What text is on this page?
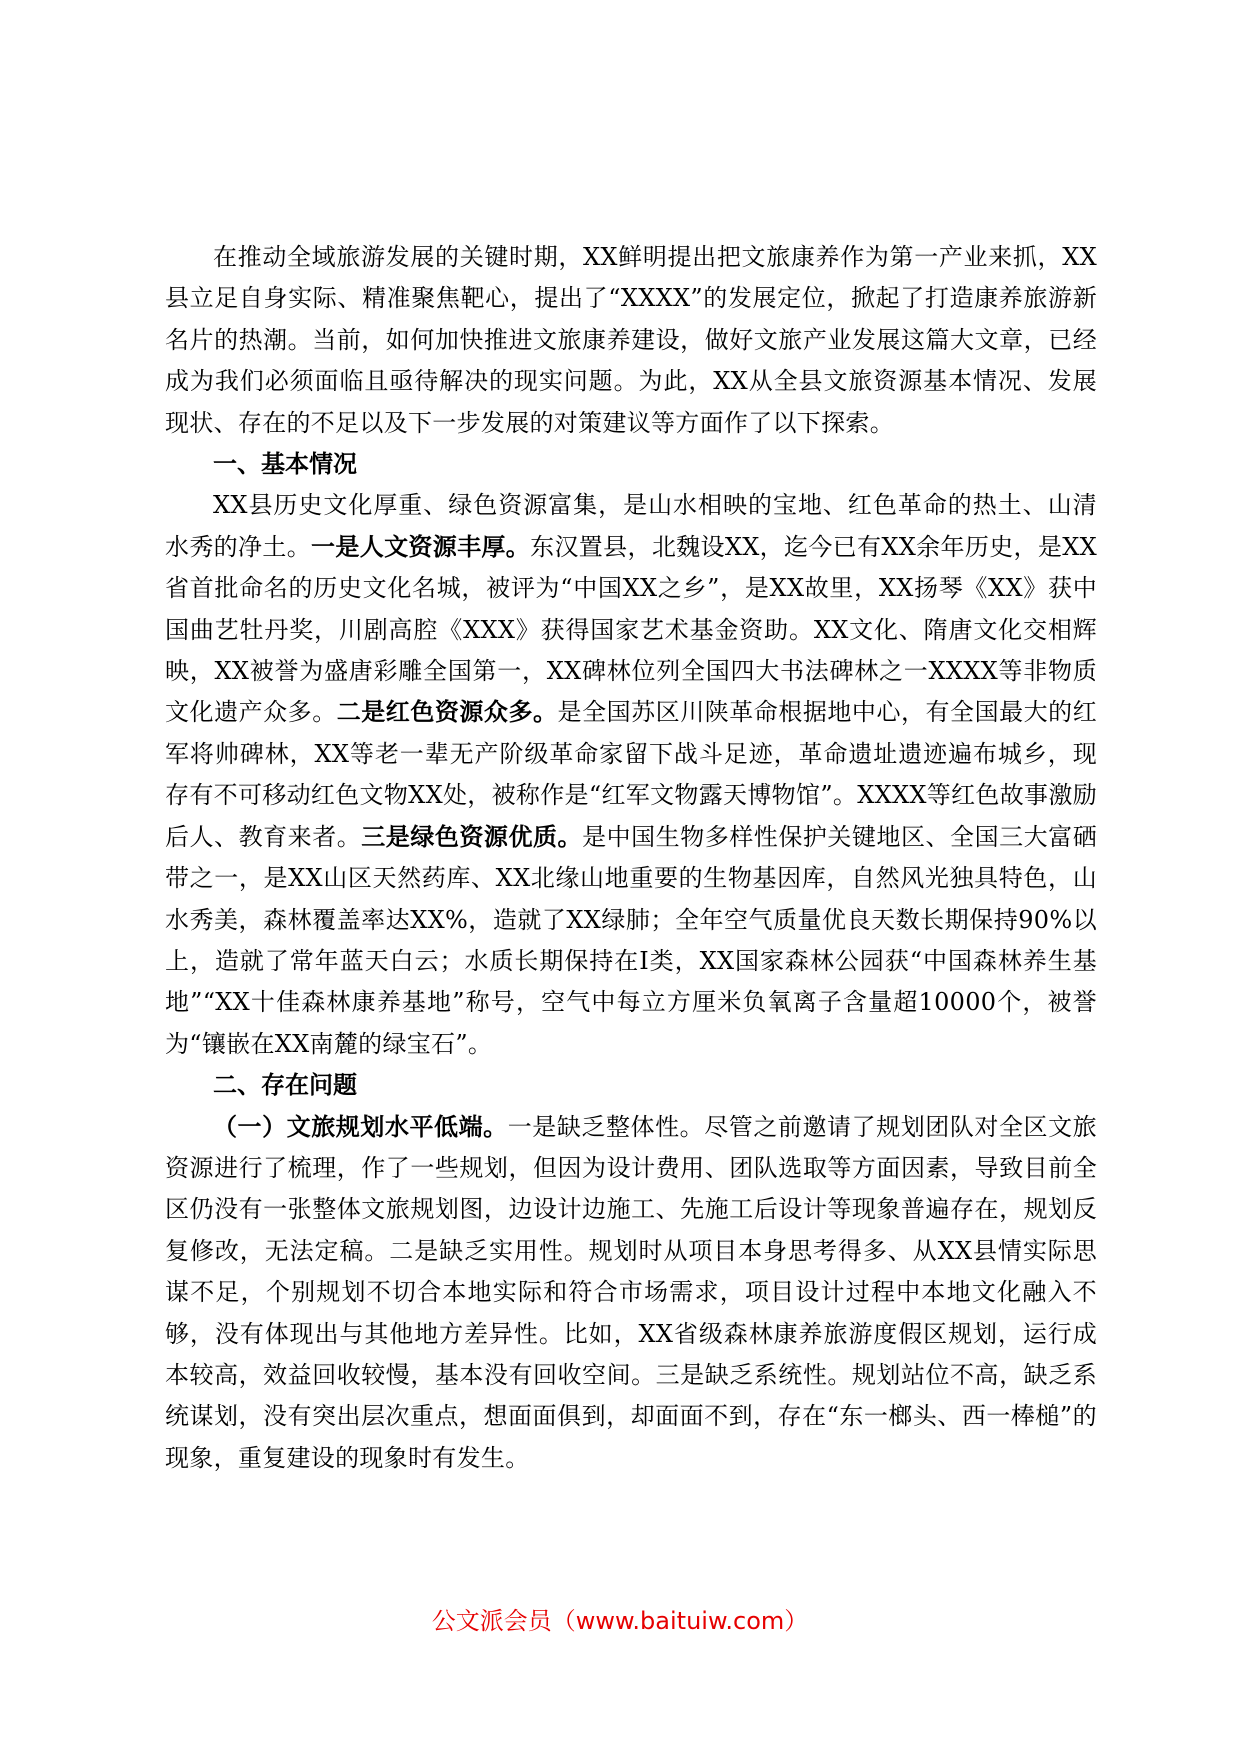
在推动全域旅游发展的关键时期，XX鲜明提出把文旅康养作为第一产业来抓，XX县立足自身实际、精准聚焦靶心，提出了“XXXX”的发展定位，掀起了打造康养旅游新名片的热潮。当前，如何加快推进文旅康养建设，做好文旅产业发展这篇大文章，已经成为我们必须面临且亟待解决的现实问题。为此，XX从全县文旅资源基本情况、发展现状、存在的不足以及下一步发展的对策建议等方面作了以下探索。

一、基本情况

XX县历史文化厚重、绿色资源富集，是山水相映的宝地、红色革命的热土、山清水秀的净土。一是人文资源丰厚。东汉置县，北魏设XX，迄今已有XX余年历史，是XX省首批命名的历史文化名城，被评为“中国XX之乡”，是XX故里，XX扬琴《XX》获中国曲艺牡丹奖，川剧高腔《XXX》获得国家艺术基金资助。XX文化、隋唐文化交相辉映，XX被誉为盛唐彩雕全国第一，XX碑林位列全国四大书法碑林之一XXXX等非物质文化遗产众多。二是红色资源众多。是全国苏区川陕革命根据地中心，有全国最大的红军将帅碑林，XX等老一辈无产阶级革命家留下战斗足迹，革命遗址遗迹遍布城乡，现存有不可移动红色文物XX处，被称作是“红军文物露天博物馆”。XXXX等红色故事激励后人、教育来者。三是绿色资源优质。是中国生物多样性保护关键地区、全国三大富硒带之一，是XX山区天然药库、XX北缘山地重要的生物基因库，自然风光独具特色，山水秀美，森林覆盖率达XX%，造就了XX绿肺；全年空气质量优良天数长期保持90%以上，造就了常年蓝天白云；水质长期保持在Ⅰ类，XX国家森林公园获“中国森林养生基地”“XX十佳森林康养基地”称号，空气中每立方厘米负氧离子含量超10000个，被誉为“镶嵌在XX南麓的绿宝石”。

二、存在问题

（一）文旅规划水平低端。一是缺乏整体性。尽管之前邀请了规划团队对全区文旅资源进行了梳理，作了一些规划，但因为设计费用、团队选取等方面因素，导致目前全区仍没有一张整体文旅规划图，边设计边施工、先施工后设计等现象普遍存在，规划反复修改，无法定稿。二是缺乏实用性。规划时从项目本身思考得多、从XX县情实际思谋不足，个别规划不切合本地实际和符合市场需求，项目设计过程中本地文化融入不够，没有体现出与其他地方差异性。比如，XX省级森林康养旅游度假区规划，运行成本较高，效益回收较慢，基本没有回收空间。三是缺乏系统性。规划站位不高，缺乏系统谋划，没有突出层次重点，想面面俱到，却面面不到，存在“东一榔头、西一棒槌”的现象，重复建设的现象时有发生。

公文派会员（www.baituiw.com）
